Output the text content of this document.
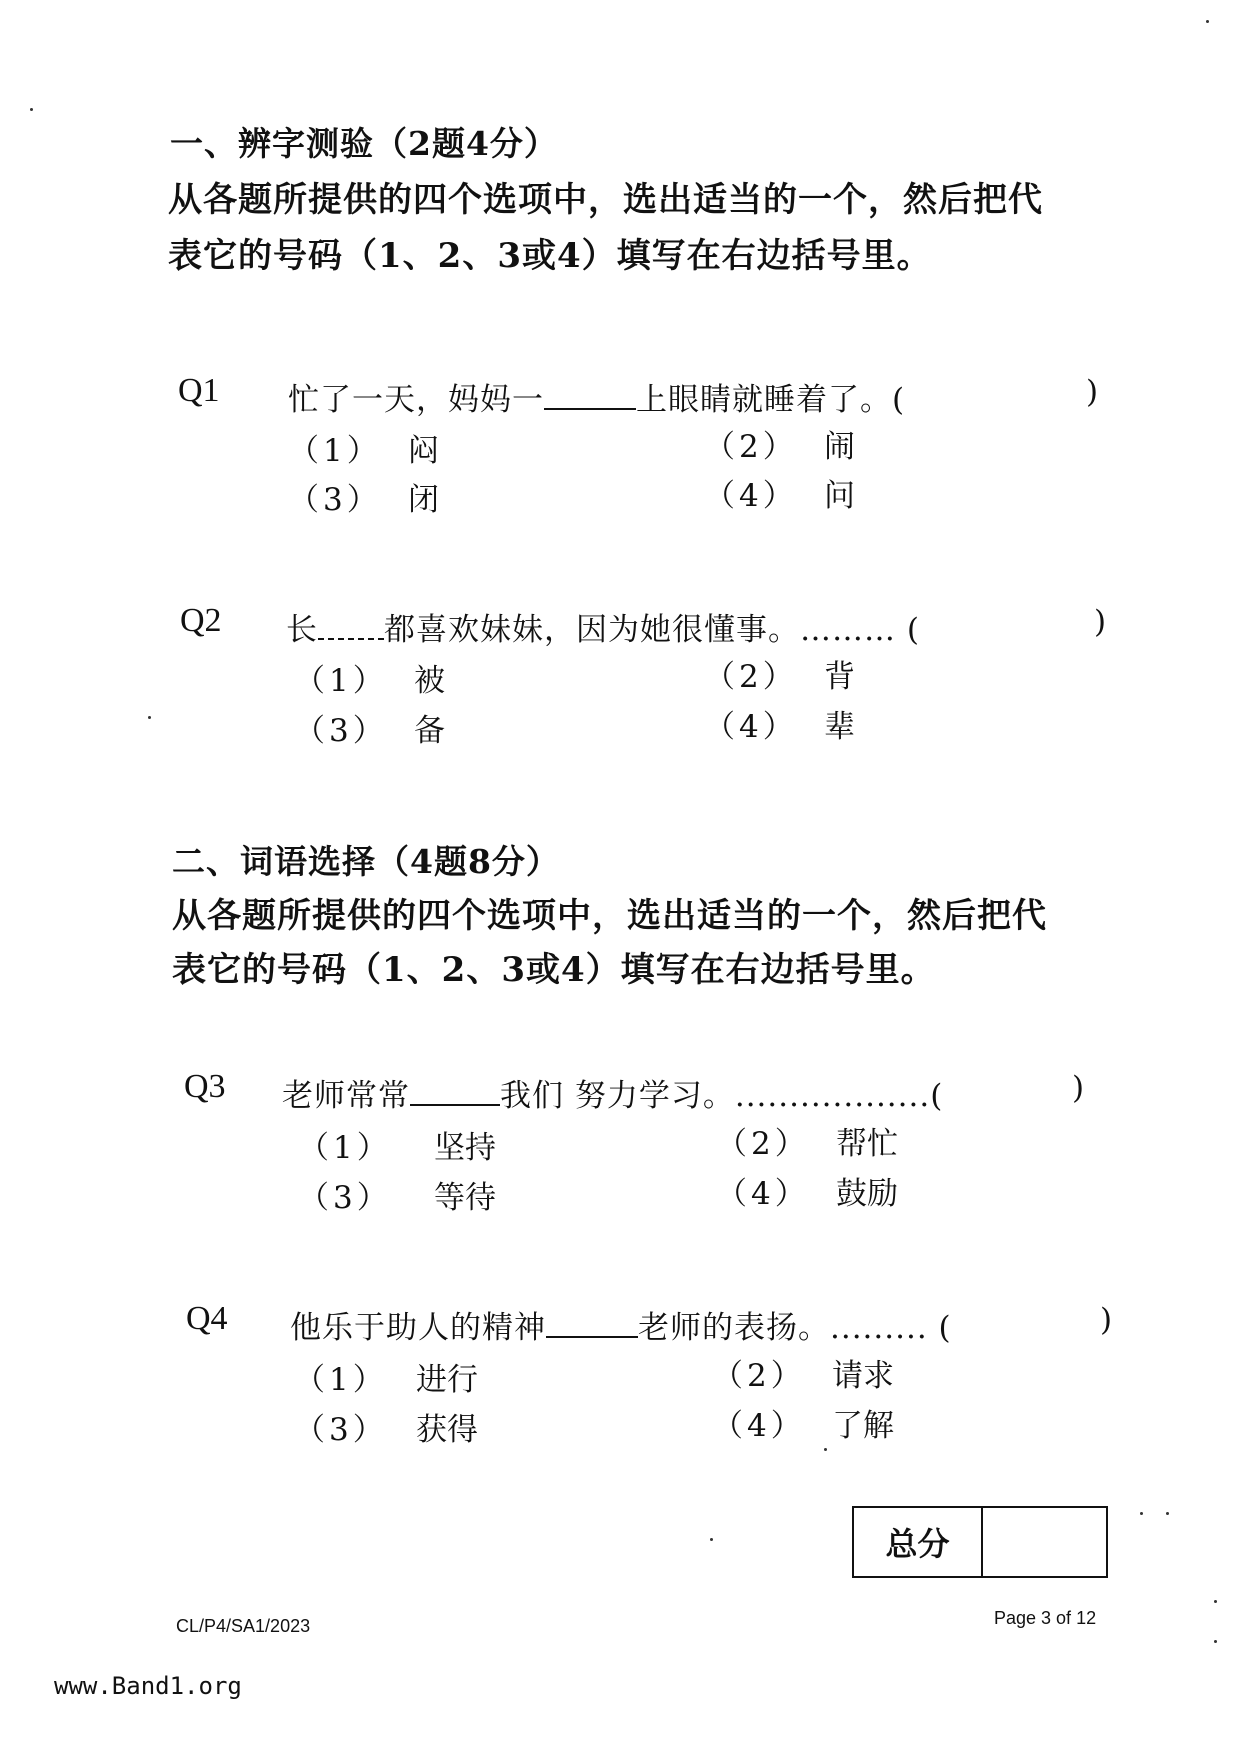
一、辨字测验（2题4分）
从各题所提供的四个选项中，选出适当的一个，然后把代
表它的号码（1、2、3或4）填写在右边括号里。
Q1 忙了一天，妈妈一	上眼睛就睡着了。(	)
（1） 闷	（2） 闹
（3） 闭	（4） 问
Q2 长 都喜欢妹妹，因为她很懂事。……… (	)
（1） 被	（2） 背
（3） 备	（4） 辈
二、词语选择（4题8分）
从各题所提供的四个选项中，选出适当的一个，然后把代
表它的号码（1、2、3或4）填写在右边括号里。
Q3 老师常常	我们 努力学习。..................(	)
（1） 坚持	（2） 帮忙
（3） 等待	（4） 鼓励
Q4 他乐于助人的精神	老师的表扬。......... (	)
（1） 进行	（2） 请求
（3） 获得	（4） 了解
总分
CL/P4/SA1/2023	Page 3 of 12
www.Band1.org
